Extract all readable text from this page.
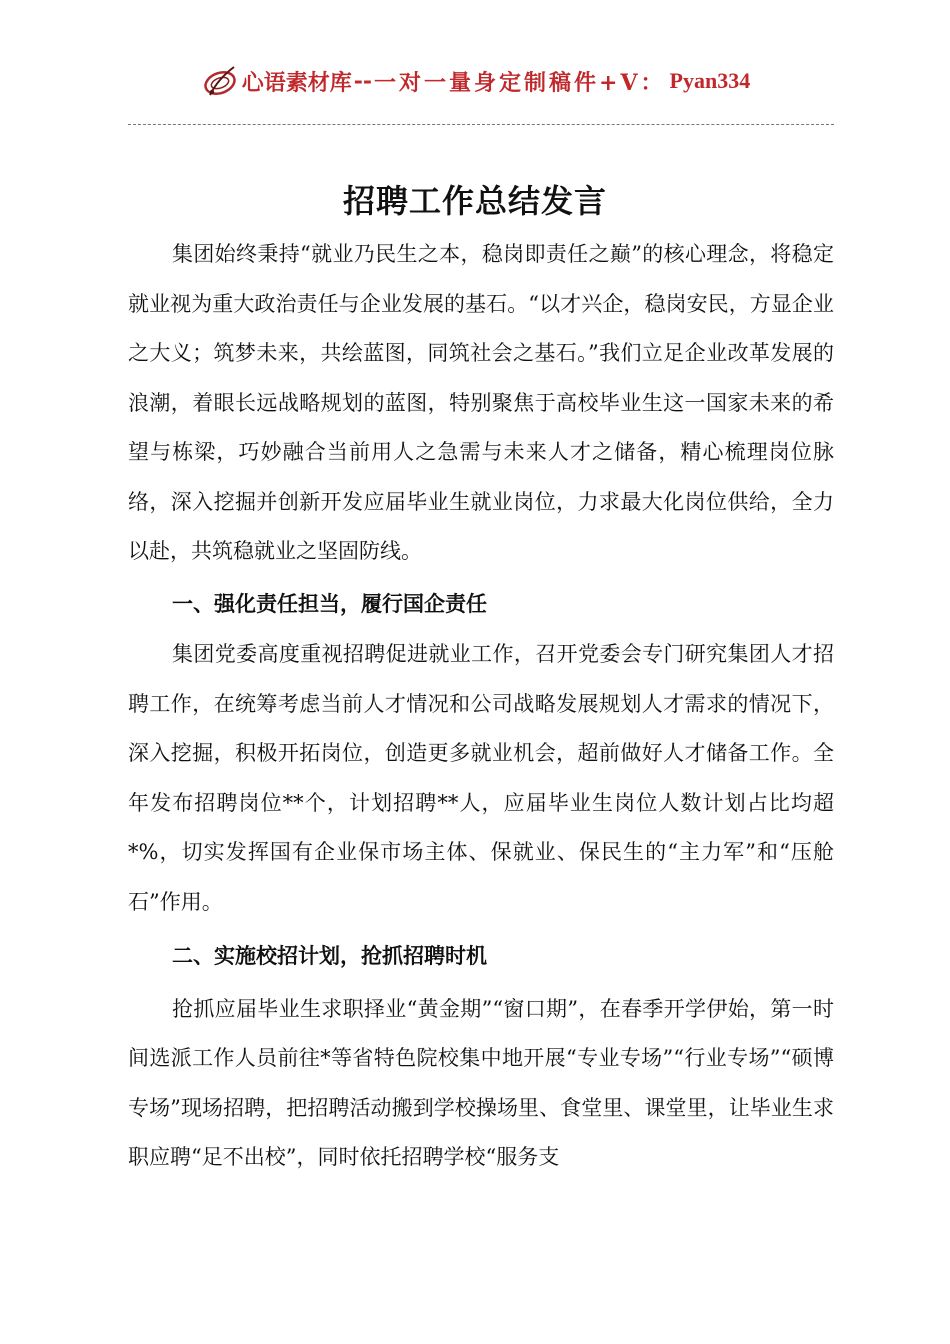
心语素材库 -- 一对一量身定制稿件+V： Pyan334
招聘工作总结发言

集团始终秉持“就业乃民生之本，稳岗即责任之巅”的核心理念，将稳定就业视为重大政治责任与企业发展的基石。“以才兴企，稳岗安民，方显企业之大义；筑梦未来，共绘蓝图，同筑社会之基石。”我们立足企业改革发展的浪潮，着眼长远战略规划的蓝图，特别聚焦于高校毕业生这一国家未来的希望与栋梁，巧妙融合当前用人之急需与未来人才之储备，精心梳理岗位脉络，深入挖掘并创新开发应届毕业生就业岗位，力求最大化岗位供给，全力以赴，共筑稳就业之坚固防线。

一、强化责任担当，履行国企责任

集团党委高度重视招聘促进就业工作，召开党委会专门研究集团人才招聘工作，在统筹考虑当前人才情况和公司战略发展规划人才需求的情况下，深入挖掘，积极开拓岗位，创造更多就业机会，超前做好人才储备工作。全年发布招聘岗位**个，计划招聘**人，应届毕业生岗位人数计划占比均超*%，切实发挥国有企业保市场主体、保就业、保民生的“主力军”和“压舱石”作用。

二、实施校招计划，抢抓招聘时机

抢抓应届毕业生求职择业“黄金期”“窗口期”，在春季开学伊始，第一时间选派工作人员前往*等省特色院校集中地开展“专业专场”“行业专场”“硕博专场”现场招聘，把招聘活动搬到学校操场里、食堂里、课堂里，让毕业生求职应聘“足不出校”，同时依托招聘学校“服务支
